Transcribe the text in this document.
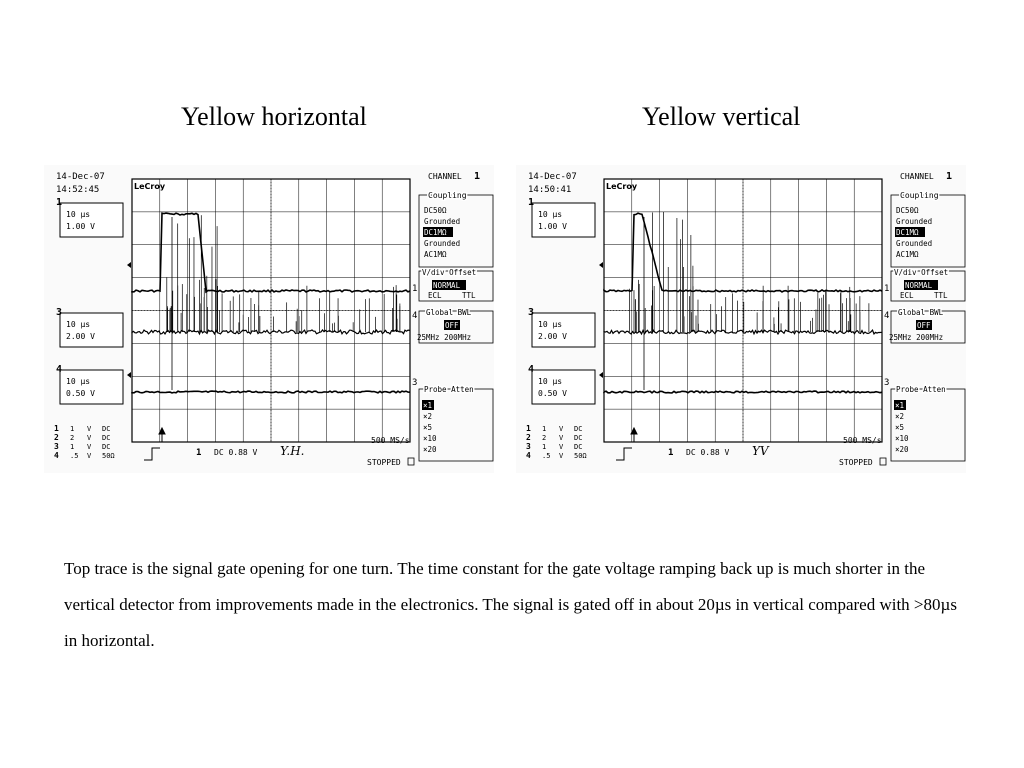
Yellow horizontal	Yellow vertical
14-Dec-07
14:52:45	LeCroy
1
4
3
1
10 µs
1.00 V
3
10 µs
2.00 V
4
10 µs
0.50 V
1 1 V DC
2 2 V DC
3 1 V DC
4 .5 V 50Ω	1 DC 0.88 V Y.H.
500 MS/s
STOPPED
CHANNEL 1
Coupling
DC50Ω
Grounded
DC1MΩ
Grounded
AC1MΩ
V/div Offset
NORMAL
ECL	TTL
Global BWL
OFF
25MHz 200MHz
Probe Atten
×1
×2
×5
×10
×20
14-Dec-07
14:50:41	LeCroy
1
4
3
1
10 µs
1.00 V
3
10 µs
2.00 V
4
10 µs
0.50 V
1 1 V DC
2 2 V DC
3 1 V DC
4 .5 V 50Ω	1 DC 0.88 V YV
500 MS/s
STOPPED
CHANNEL 1
Coupling
DC50Ω
Grounded
DC1MΩ
Grounded
AC1MΩ
V/div Offset
NORMAL
ECL	TTL
Global BWL
OFF
25MHz 200MHz
Probe Atten
×1
×2
×5
×10
×20
Top trace is the signal gate opening for one turn. The time constant for the gate voltage ramping back up is much shorter in the vertical detector from improvements made in the electronics. The signal is gated off in about 20µs in vertical compared with >80µs in horizontal.
